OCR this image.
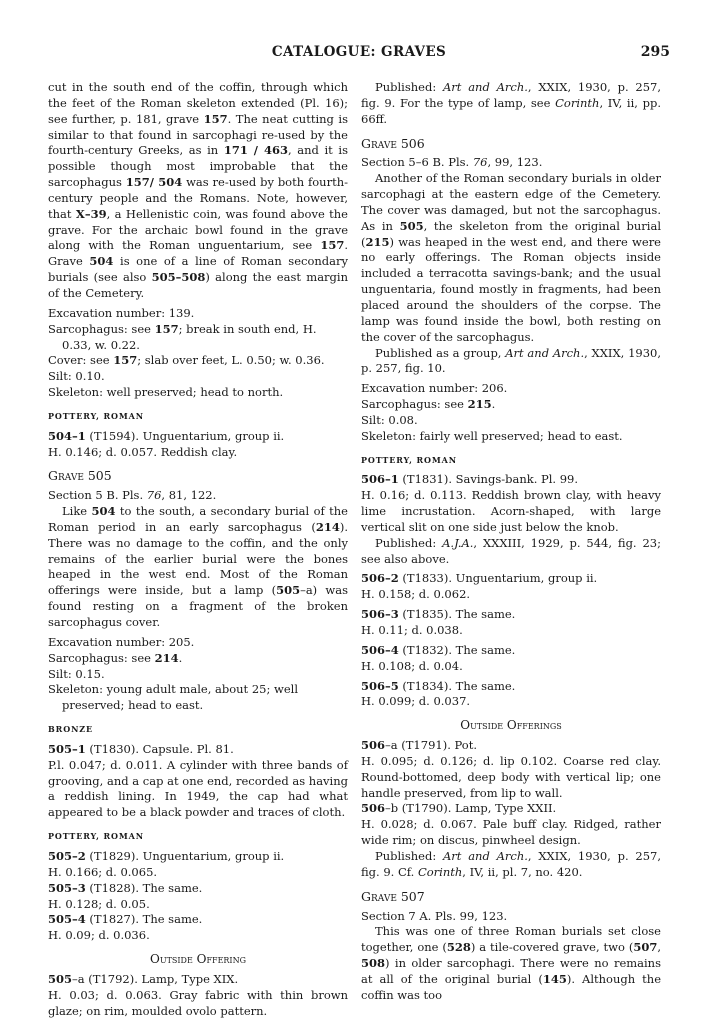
CATALOGUE: GRAVES	295

cut in the south end of the coffin, through which the feet of the Roman skeleton extended (Pl. 16); see further, p. 181, grave 157. The neat cutting is similar to that found in sarcophagi re-used by the fourth-century Greeks, as in 171 / 463, and it is possible though most improbable that the sarcophagus 157/ 504 was re-used by both fourth-century people and the Romans. Note, however, that X–39, a Hellenistic coin, was found above the grave. For the archaic bowl found in the grave along with the Roman unguentarium, see 157. Grave 504 is one of a line of Roman secondary burials (see also 505–508) along the east margin of the Cemetery.

Excavation number: 139.

Sarcophagus: see 157; break in south end, H. 0.33, w. 0.22.

Cover: see 157; slab over feet, L. 0.50; w. 0.36.

Silt: 0.10.

Skeleton: well preserved; head to north.

POTTERY, ROMAN

504–1 (T1594). Unguentarium, group ii.

H. 0.146; d. 0.057. Reddish clay.

Grave 505

Section 5 B. Pls. 76, 81, 122.

Like 504 to the south, a secondary burial of the Roman period in an early sarcophagus (214). There was no damage to the coffin, and the only remains of the earlier burial were the bones heaped in the west end. Most of the Roman offerings were inside, but a lamp (505–a) was found resting on a fragment of the broken sarcophagus cover.

Excavation number: 205.

Sarcophagus: see 214.

Silt: 0.15.

Skeleton: young adult male, about 25; well preserved; head to east.

BRONZE

505–1 (T1830). Capsule. Pl. 81.

P.l. 0.047; d. 0.011. A cylinder with three bands of grooving, and a cap at one end, recorded as having a reddish lining. In 1949, the cap had what appeared to be a black powder and traces of cloth.

POTTERY, ROMAN

505–2 (T1829). Unguentarium, group ii.

H. 0.166; d. 0.065.

505–3 (T1828). The same.

H. 0.128; d. 0.05.

505–4 (T1827). The same.

H. 0.09; d. 0.036.

Outside Offering

505–a (T1792). Lamp, Type XIX.

H. 0.03; d. 0.063. Gray fabric with thin brown glaze; on rim, moulded ovolo pattern.

Published: Art and Arch., XXIX, 1930, p. 257, fig. 9. For the type of lamp, see Corinth, IV, ii, pp. 66ff.

Grave 506

Section 5–6 B. Pls. 76, 99, 123.

Another of the Roman secondary burials in older sarcophagi at the eastern edge of the Cemetery. The cover was damaged, but not the sarcophagus. As in 505, the skeleton from the original burial (215) was heaped in the west end, and there were no early offerings. The Roman objects inside included a terracotta savings-bank; and the usual unguentaria, found mostly in fragments, had been placed around the shoulders of the corpse. The lamp was found inside the bowl, both resting on the cover of the sarcophagus.

Published as a group, Art and Arch., XXIX, 1930, p. 257, fig. 10.

Excavation number: 206.

Sarcophagus: see 215.

Silt: 0.08.

Skeleton: fairly well preserved; head to east.

POTTERY, ROMAN

506–1 (T1831). Savings-bank. Pl. 99.

H. 0.16; d. 0.113. Reddish brown clay, with heavy lime incrustation. Acorn-shaped, with large vertical slit on one side just below the knob.

Published: A.J.A., XXXIII, 1929, p. 544, fig. 23; see also above.

506–2 (T1833). Unguentarium, group ii.

H. 0.158; d. 0.062.

506–3 (T1835). The same.

H. 0.11; d. 0.038.

506–4 (T1832). The same.

H. 0.108; d. 0.04.

506–5 (T1834). The same.

H. 0.099; d. 0.037.

Outside Offerings

506–a (T1791). Pot.

H. 0.095; d. 0.126; d. lip 0.102. Coarse red clay. Round-bottomed, deep body with vertical lip; one handle preserved, from lip to wall.

506–b (T1790). Lamp, Type XXII.

H. 0.028; d. 0.067. Pale buff clay. Ridged, rather wide rim; on discus, pinwheel design.

Published: Art and Arch., XXIX, 1930, p. 257, fig. 9. Cf. Corinth, IV, ii, pl. 7, no. 420.

Grave 507

Section 7 A. Pls. 99, 123.

This was one of three Roman burials set close together, one (528) a tile-covered grave, two (507, 508) in older sarcophagi. There were no remains at all of the original burial (145). Although the coffin was too
